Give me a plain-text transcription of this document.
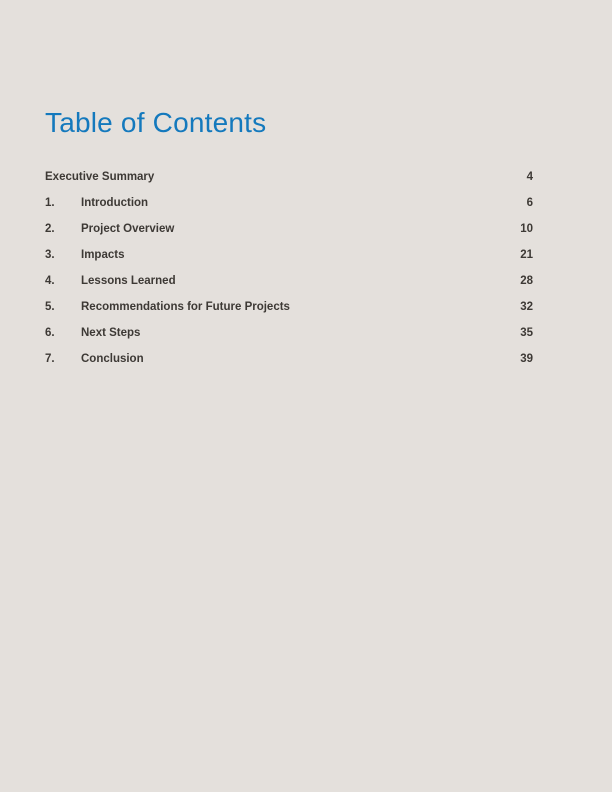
Table of Contents
Executive Summary	4
1. Introduction	6
2. Project Overview	10
3. Impacts	21
4. Lessons Learned	28
5. Recommendations for Future Projects	32
6. Next Steps	35
7. Conclusion	39
